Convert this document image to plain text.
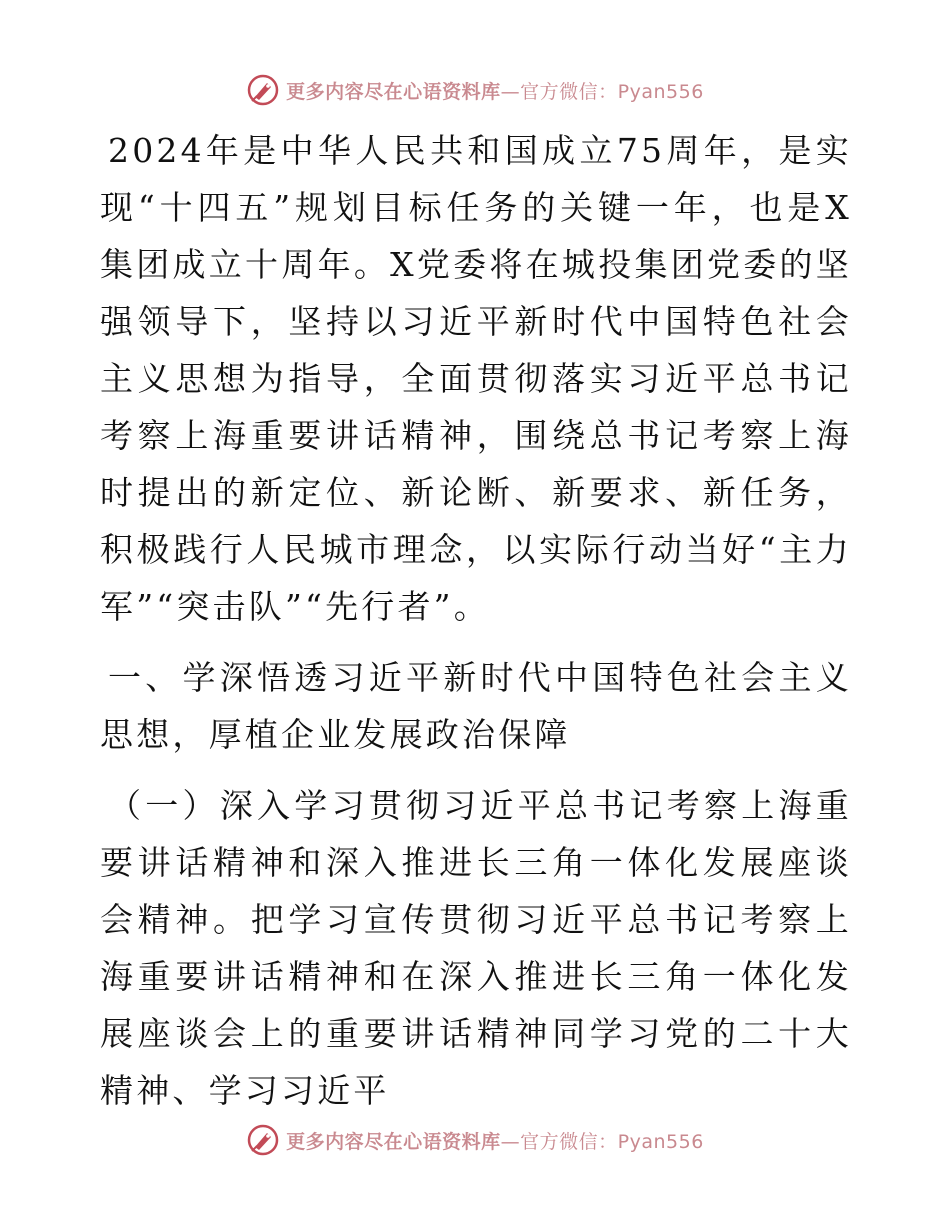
更多内容尽在心语资料库—官方微信：Pyan556

2024年是中华人民共和国成立75周年，是实现“十四五”规划目标任务的关键一年，也是X集团成立十周年。X党委将在城投集团党委的坚强领导下，坚持以习近平新时代中国特色社会主义思想为指导，全面贯彻落实习近平总书记考察上海重要讲话精神，围绕总书记考察上海时提出的新定位、新论断、新要求、新任务，积极践行人民城市理念，以实际行动当好“主力军”“突击队”“先行者”。

一、学深悟透习近平新时代中国特色社会主义思想，厚植企业发展政治保障

（一）深入学习贯彻习近平总书记考察上海重要讲话精神和深入推进长三角一体化发展座谈会精神。把学习宣传贯彻习近平总书记考察上海重要讲话精神和在深入推进长三角一体化发展座谈会上的重要讲话精神同学习党的二十大精神、学习习近平

更多内容尽在心语资料库—官方微信：Pyan556
